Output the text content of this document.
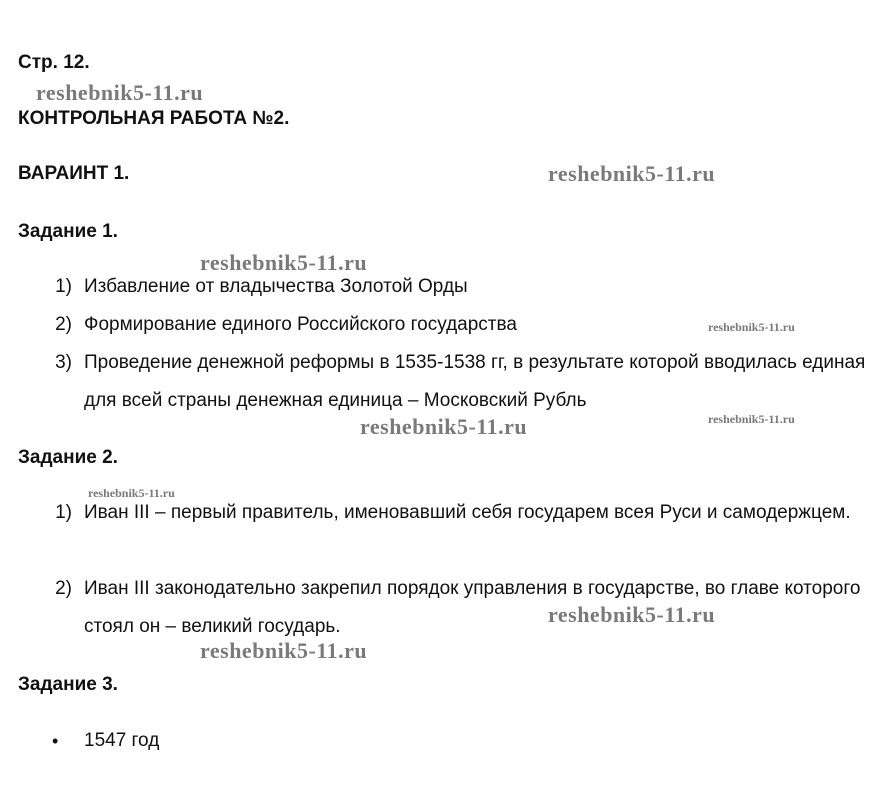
Стр. 12.
КОНТРОЛЬНАЯ РАБОТА №2.
ВАРАИНТ 1.
Задание 1.
1) Избавление от владычества Золотой Орды
2) Формирование единого Российского государства
3) Проведение денежной реформы в 1535-1538 гг, в результате которой вводилась единая для всей страны денежная единица – Московский Рубль
Задание 2.
1) Иван III – первый правитель, именовавший себя государем всея Руси и самодержцем.
2) Иван III законодательно закрепил порядок управления в государстве, во главе которого стоял он – великий государь.
Задание 3.
• 1547 год
reshebnik5-11.ru
reshebnik5-11.ru
reshebnik5-11.ru
reshebnik5-11.ru
reshebnik5-11.ru	reshebnik5-11.ru
reshebnik5-11.ru
reshebnik5-11.ru
reshebnik5-11.ru
